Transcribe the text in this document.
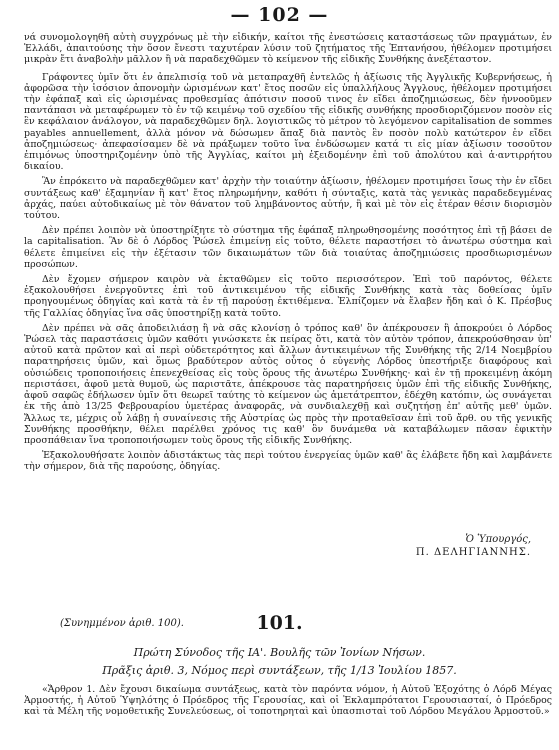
— 102 —

νά συνομολογηθῆ αὐτὴ συγχρόνως μὲ τὴν εἰδικήν, καίτοι τῆς ἐνεστώσεις καταστάσεως τῶν πραγμάτων, ἐν Ἑλλάδι, ἀπαιτούσης τὴν ὅσον ἔνεστι ταχυτέραν λύσιν τοῦ ζητήματος τῆς Ἑπτανήσου, ἠθέλομεν προτιμήσει μικρὰν ἔτι ἀναβολὴν μᾶλλον ἢ νὰ παραδεχθῶμεν τὸ κείμενον τῆς εἰδικῆς Συνθήκης ἀνεξέταστον.

Γράφοντες ὑμῖν ὅτι ἐν ἀπελπισίᾳ τοῦ νὰ μεταπραχθῆ ἐντελῶς ἡ ἀξίωσις τῆς Ἀγγλικῆς Κυβερνήσεως, ἡ ἀφορῶσα τὴν ἰσόσιον ἀπονομὴν ὡρισμένων κατ' ἔτος ποσῶν εἰς ὑπαλλήλους Ἄγγλους, ἠθέλομεν προτιμήσει τὴν ἐφάπαξ καὶ εἰς ὡρισμένας προθεσμίας ἀπότισιν ποσοῦ τινος ἐν εἴδει ἀποζημιώσεως, δὲν ἠννοοῦμεν παντάπασι νὰ μεταφέρωμεν τὸ ἐν τῷ κειμένῳ τοῦ σχεδίου τῆς εἰδικῆς συνθήκης προσδιοριζόμενον ποσὸν εἰς ἓν κεφάλαιον ἀνάλογον, νὰ παραδεχθῶμεν δηλ. λογιστικῶς τὸ μέτρον τὸ λεγόμενον capitalisation de sommes payables annuellement, ἀλλὰ μόνον νὰ δώσωμεν ἅπαξ διὰ παντὸς ἓν ποσὸν πολὺ κατώτερον ἐν εἴδει ἀποζημιώσεως· ἀπεφασίσαμεν δὲ νὰ πράξωμεν τοῦτο ἵνα ἐνδώσωμεν κατά τι εἰς μίαν ἀξίωσιν τοσοῦτον ἐπιμόνως ὑποστηριζομένην ὑπὸ τῆς Ἀγγλίας, καίτοι μὴ ἐξειδομένην ἐπὶ τοῦ ἀπολύτου καὶ ἀ·αντιρρήτου δικαίου.

Ἂν ἐπρόκειτο νὰ παραδεχθῶμεν κατ' ἀρχὴν τὴν τοιαύτην ἀξίωσιν, ἠθέλομεν προτιμήσει ἴσως τὴν ἐν εἴδει συντάξεως καθ' ἑξαμηνίαν ἢ κατ' ἔτος πληρωμήνην, καθότι ἡ σύνταξις, κατὰ τὰς γενικὰς παραδεδεγμένας ἀρχάς, παύει αὐτοδικαίως μὲ τὸν θάνατον τοῦ λημβάνοντος αὐτήν, ἢ καὶ μὲ τὸν εἰς ἑτέραν θέσιν διορισμὸν τούτου.

Δὲν πρέπει λοιπὸν νὰ ὑποστηρίξητε τὸ σύστημα τῆς ἐφάπαξ πληρωθησομένης ποσότητος ἐπὶ τῇ βάσει de la capitalisation. Ἂν δὲ ὁ Λόρδος Ῥώσελ ἐπιμείνῃ εἰς τοῦτο, θέλετε παραστήσει τὸ ἀνωτέρω σύστημα καὶ θέλετε ἐπιμείνει εἰς τὴν ἐξέτασιν τῶν δικαιωμάτων τῶν διὰ τοιαύτας ἀποζημιώσεις προσδιωρισμένων προσώπων.

Δὲν ἔχομεν σήμερον καιρὸν νὰ ἐκταθῶμεν εἰς τοῦτο περισσότερον. Ἐπὶ τοῦ παρόντος, θέλετε ἐξακολουθήσει ἐνεργοῦντες ἐπὶ τοῦ ἀντικειμένου τῆς εἰδικῆς Συνθήκης κατὰ τὰς δοθείσας ὑμῖν προηγουμένως ὁδηγίας καὶ κατὰ τὰ ἐν τῇ παρούσῃ ἐκτιθέμενα. Ἐλπίζομεν νὰ ἔλαβεν ἤδη καὶ ὁ Κ. Πρέσβυς τῆς Γαλλίας ὁδηγίας ἵνα σᾶς ὑποστηρίξῃ κατὰ τοῦτο.

Δὲν πρέπει νὰ σᾶς ἀποδειλιάσῃ ἢ νὰ σᾶς κλονίσῃ ὁ τρόπος καθ' ὃν ἀπέκρουσεν ἢ ἀποκρούει ὁ Λόρδος Ῥώσελ τὰς παραστάσεις ὑμῶν καθότι γινώσκετε ἐκ πείρας ὅτι, κατὰ τὸν αὐτὸν τρόπον, ἀπεκρούσθησαν ὑπ' αὐτοῦ κατὰ πρῶτον καὶ αἱ περὶ οὐδετερότητος καὶ ἄλλων ἀντικειμένων τῆς Συνθήκης τῆς 2/14 Νοεμβρίου παρατηρήσεις ὑμῶν, καὶ ὅμως βραδύτερον αὐτὸς οὗτος ὁ εὐγενὴς Λόρδος ὑπεστήριξε διαφόρους καὶ οὐσιώδεις τροποποιήσεις ἐπενεχθείσας εἰς τοὺς ὅρους τῆς ἀνωτέρω Συνθήκης· καὶ ἐν τῇ προκειμένῃ ἀκόμη περιστάσει, ἀφοῦ μετὰ θυμοῦ, ὡς παριστᾶτε, ἀπέκρουσε τὰς παρατηρήσεις ὑμῶν ἐπὶ τῆς εἰδικῆς Συνθήκης, ἀφοῦ σαφῶς ἐδήλωσεν ὑμῖν ὅτι θεωρεῖ ταύτης τὸ κείμενον ὡς ἀμετάτρεπτον, ἐδέχθη κατόπιν, ὡς συνάγεται ἐκ τῆς ἀπὸ 13/25 Φεβρουαρίου ὑμετέρας ἀναφορᾶς, νὰ συνδιαλεχθῇ καὶ συζητήσῃ ἐπ' αὐτῆς μεθ' ὑμῶν. Ἄλλως τε, μέχρις οὗ λάβῃ ἡ συναίνεσις τῆς Αὐστρίας ὡς πρὸς τὴν προταθεῖσαν ἐπὶ τοῦ ἄρθ. ου τῆς γενικῆς Συνθήκης προσθήκην, θέλει παρέλθει χρόνος τις καθ' ὃν δυνάμεθα νὰ καταβάλωμεν πᾶσαν ἐφικτὴν προσπάθειαν ἵνα τροποποιήσωμεν τοὺς ὅρους τῆς εἰδικῆς Συνθήκης.

Ἐξακολουθήσατε λοιπὸν ἀδιστάκτως τὰς περὶ τούτου ἐνεργείας ὑμῶν καθ' ἃς ἐλάβετε ἤδη καὶ λαμβάνετε τὴν σήμερον, διὰ τῆς παρούσης, ὁδηγίας.

Ὁ Ὑπουργός,
Π. ΔΕΛΗΓΙΑΝΝΗΣ.
(Συνημμένον ἀριθ. 100).	101.
Πρώτη Σύνοδος τῆς ΙΑ'. Βουλῆς τῶν Ἰονίων Νήσων.
Πρᾶξις ἀριθ. 3, Νόμος περὶ συντάξεων, τῆς 1/13 Ἰουλίου 1857.

«Ἄρθρον 1. Δὲν ἔχουσι δικαίωμα συντάξεως, κατὰ τὸν παρόντα νόμον, ἡ Αὐτοῦ Ἐξοχότης ὁ Λόρδ Μέγας Ἁρμοστής, ἡ Αὐτοῦ Ὑψηλότης ὁ Πρόεδρος τῆς Γερουσίας, καὶ οἱ Ἐκλαμπρότατοι Γερουσιασταί, ὁ Πρόεδρος καὶ τὰ Μέλη τῆς νομοθετικῆς Συνελεύσεως, οἱ τοποτηρηταὶ καὶ ὑπασπισταὶ τοῦ Λόρδου Μεγάλου Ἁρμοστοῦ.»
